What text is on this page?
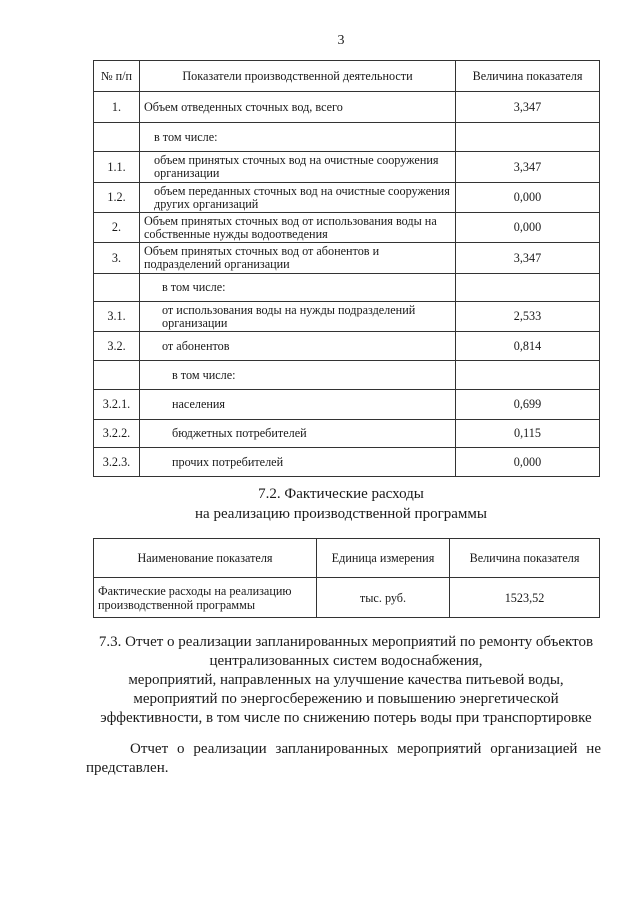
3
№ п/п	Показатели производственной деятельности	Величина показателя
1.	Объем отведенных сточных вод, всего	3,347
	в том числе:	
1.1.	объем принятых сточных вод на очистные сооружения организации	3,347
1.2.	объем переданных сточных вод на очистные сооружения других организаций	0,000
2.	Объем принятых сточных вод от использования воды на собственные нужды водоотведения	0,000
3.	Объем принятых сточных вод от абонентов и подразделений организации	3,347
	в том числе:	
3.1.	от использования воды на нужды подразделений организации	2,533
3.2.	от абонентов	0,814
	в том числе:	
3.2.1.	населения	0,699
3.2.2.	бюджетных потребителей	0,115
3.2.3.	прочих потребителей	0,000
7.2. Фактические расходы
на реализацию производственной программы
Наименование показателя	Единица измерения	Величина показателя
Фактические расходы на реализацию производственной программы	тыс. руб.	1523,52
7.3. Отчет о реализации запланированных мероприятий по ремонту объектов
централизованных систем водоснабжения,
мероприятий, направленных на улучшение качества питьевой воды,
мероприятий по энергосбережению и повышению энергетической
эффективности, в том числе по снижению потерь воды при транспортировке
Отчет о реализации запланированных мероприятий организацией не представлен.
